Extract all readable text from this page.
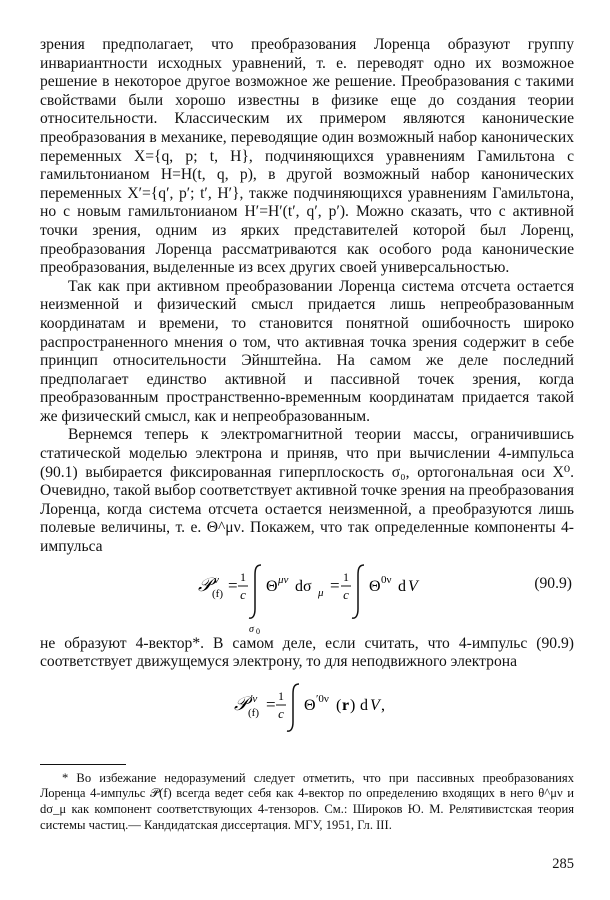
зрения предполагает, что преобразования Лоренца образуют группу инвариантности исходных уравнений, т. е. переводят одно их возможное решение в некоторое другое возможное же решение. Преобразования с такими свойствами были хорошо известны в физике еще до создания теории относительности. Классическим их примером являются канонические преобразования в механике, переводящие один возможный набор канонических переменных X={q, p; t, H}, подчиняющихся уравнениям Гамильтона с гамильтонианом H=H(t, q, p), в другой возможный набор канонических переменных X′={q′, p′; t′, H′}, также подчиняющихся уравнениям Гамильтона, но с новым гамильтонианом H′=H′(t′, q′, p′). Можно сказать, что с активной точки зрения, одним из ярких представителей которой был Лоренц, преобразования Лоренца рассматриваются как особого рода канонические преобразования, выделенные из всех других своей универсальностью.

Так как при активном преобразовании Лоренца система отсчета остается неизменной и физический смысл придается лишь непреобразованным координатам и времени, то становится понятной ошибочность широко распространенного мнения о том, что активная точка зрения содержит в себе принцип относительности Эйнштейна. На самом же деле последний предполагает единство активной и пассивной точек зрения, когда преобразованным пространственно-временным координатам придается такой же физический смысл, как и непреобразованным.

Вернемся теперь к электромагнитной теории массы, ограничившись статической моделью электрона и приняв, что при вычислении 4-импульса (90.1) выбирается фиксированная гиперплоскость σ₀, ортогональная оси X⁰. Очевидно, такой выбор соответствует активной точке зрения на преобразования Лоренца, когда система отсчета остается неизменной, а преобразуются лишь полевые величины, т. е. Θ^μν. Покажем, что так определенные компоненты 4-импульса

𝒫 ν
(f) = 1
c
σ 0
Θ μν dσ μ = 1
c Θ 0ν d V	(90.9)

не образуют 4-вектор*. В самом деле, если считать, что 4-импульс (90.9) соответствует движущемуся электрону, то для неподвижного электрона

𝒫 ′ν
(f) = 1
c Θ ′0ν ( r ) d V ,

* Во избежание недоразумений следует отметить, что при пассивных преобразованиях Лоренца 4-импульс 𝒫(f) всегда ведет себя как 4-вектор по определению входящих в него θ^μν и dσ_μ как компонент соответствующих 4-тензоров. См.: Широков Ю. М. Релятивистская теория системы частиц.— Кандидатская диссертация. МГУ, 1951, Гл. III.

285
